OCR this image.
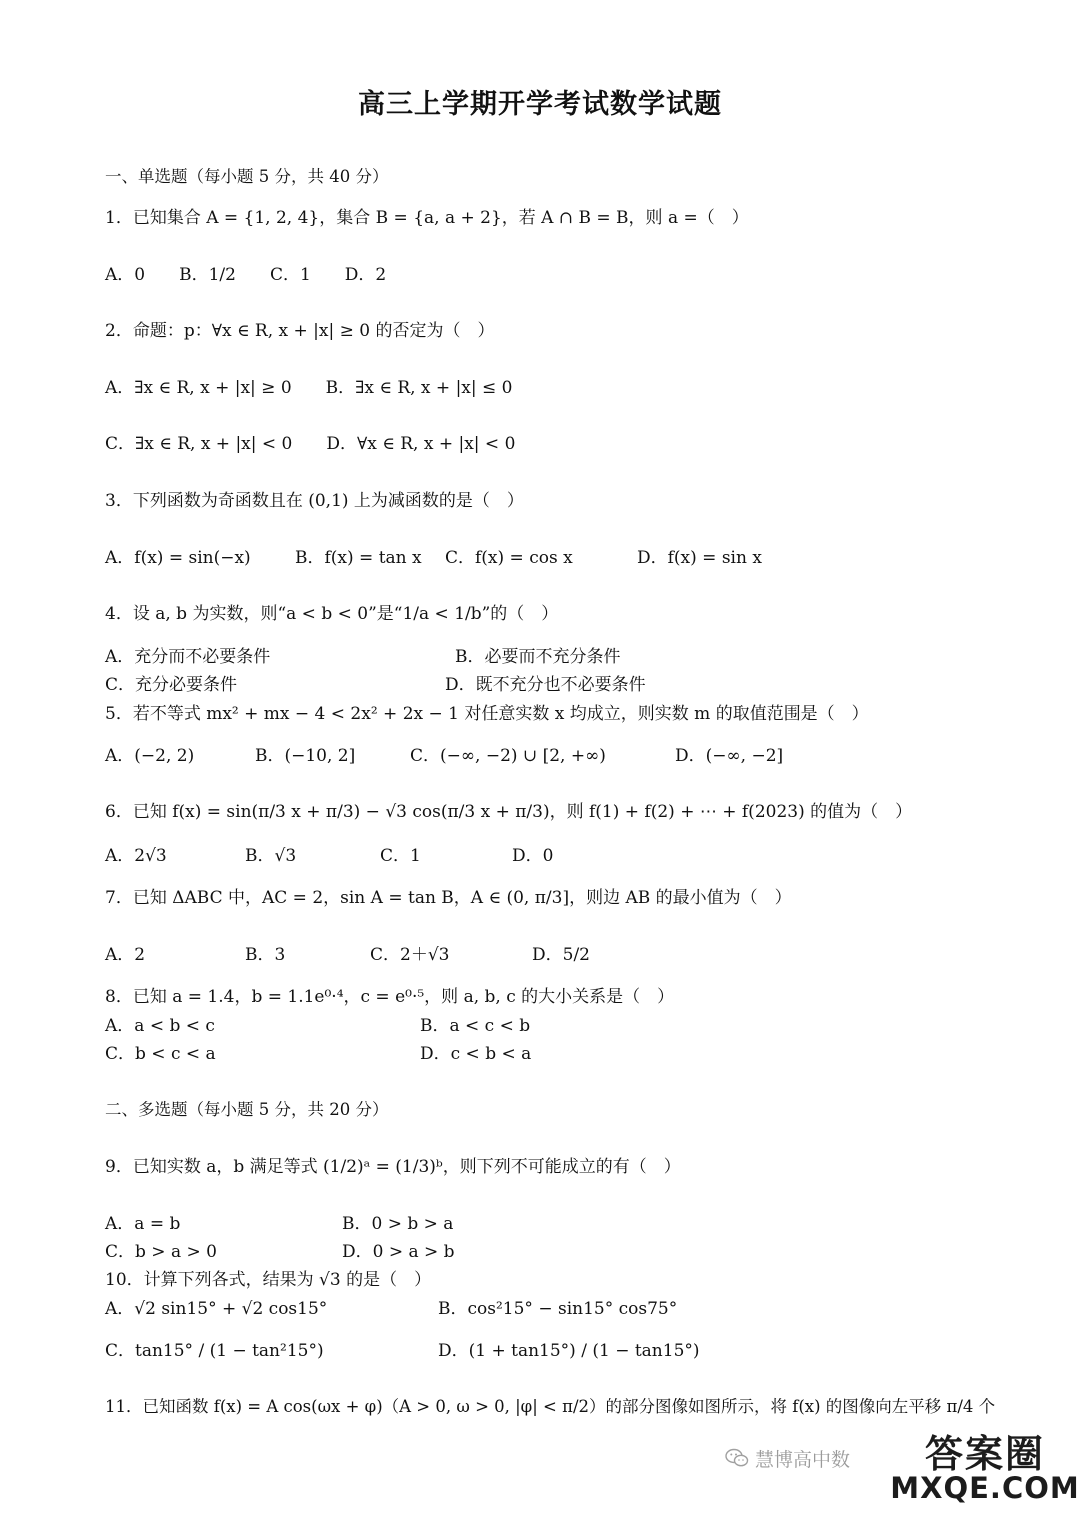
高三上学期开学考试数学试题
一、单选题（每小题 5 分，共 40 分）
1．已知集合 A = {1, 2, 4}，集合 B = {a, a + 2}，若 A ∩ B = B，则 a =（　）
A．0　　B．1/2　　C．1　　D．2
2．命题：p：∀x ∈ R, x + |x| ≥ 0 的否定为（　）
A．∃x ∈ R, x + |x| ≥ 0　　B．∃x ∈ R, x + |x| ≤ 0
C．∃x ∈ R, x + |x| < 0　　D．∀x ∈ R, x + |x| < 0
3．下列函数为奇函数且在 (0,1) 上为减函数的是（　）
A．f(x) = sin(−x)	B．f(x) = tan x C．f(x) = cos x	D．f(x) = sin x
4．设 a, b 为实数，则“a < b < 0”是“1/a < 1/b”的（　）
A．充分而不必要条件	B．必要而不充分条件
C．充分必要条件	D．既不充分也不必要条件
5．若不等式 mx² + mx − 4 < 2x² + 2x − 1 对任意实数 x 均成立，则实数 m 的取值范围是（　）
A．(−2, 2)	B．(−10, 2]	C．(−∞, −2) ∪ [2, +∞)	D．(−∞, −2]
6．已知 f(x) = sin(π/3 x + π/3) − √3 cos(π/3 x + π/3)，则 f(1) + f(2) + ⋯ + f(2023) 的值为（　）
A．2√3	B．√3	C．1	D．0
7．已知 ΔABC 中，AC = 2，sin A = tan B，A ∈ (0, π/3]，则边 AB 的最小值为（　）
A．2	B．3	C．2＋√3	D．5/2
8．已知 a = 1.4，b = 1.1e⁰·⁴，c = e⁰·⁵，则 a, b, c 的大小关系是（　）
A．a < b < c	B．a < c < b
C．b < c < a	D．c < b < a
二、多选题（每小题 5 分，共 20 分）
9．已知实数 a，b 满足等式 (1/2)ᵃ = (1/3)ᵇ，则下列不可能成立的有（　）
A．a = b	B．0 > b > a
C．b > a > 0	D．0 > a > b
10．计算下列各式，结果为 √3 的是（　）
A．√2 sin15° + √2 cos15°	B．cos²15° − sin15° cos75°
C．tan15° / (1 − tan²15°)	D．(1 + tan15°) / (1 − tan15°)
11．已知函数 f(x) = A cos(ωx + φ)（A > 0, ω > 0, |φ| < π/2）的部分图像如图所示，将 f(x) 的图像向左平移 π/4 个
慧博高中数 答案圈
MXQE.COM
